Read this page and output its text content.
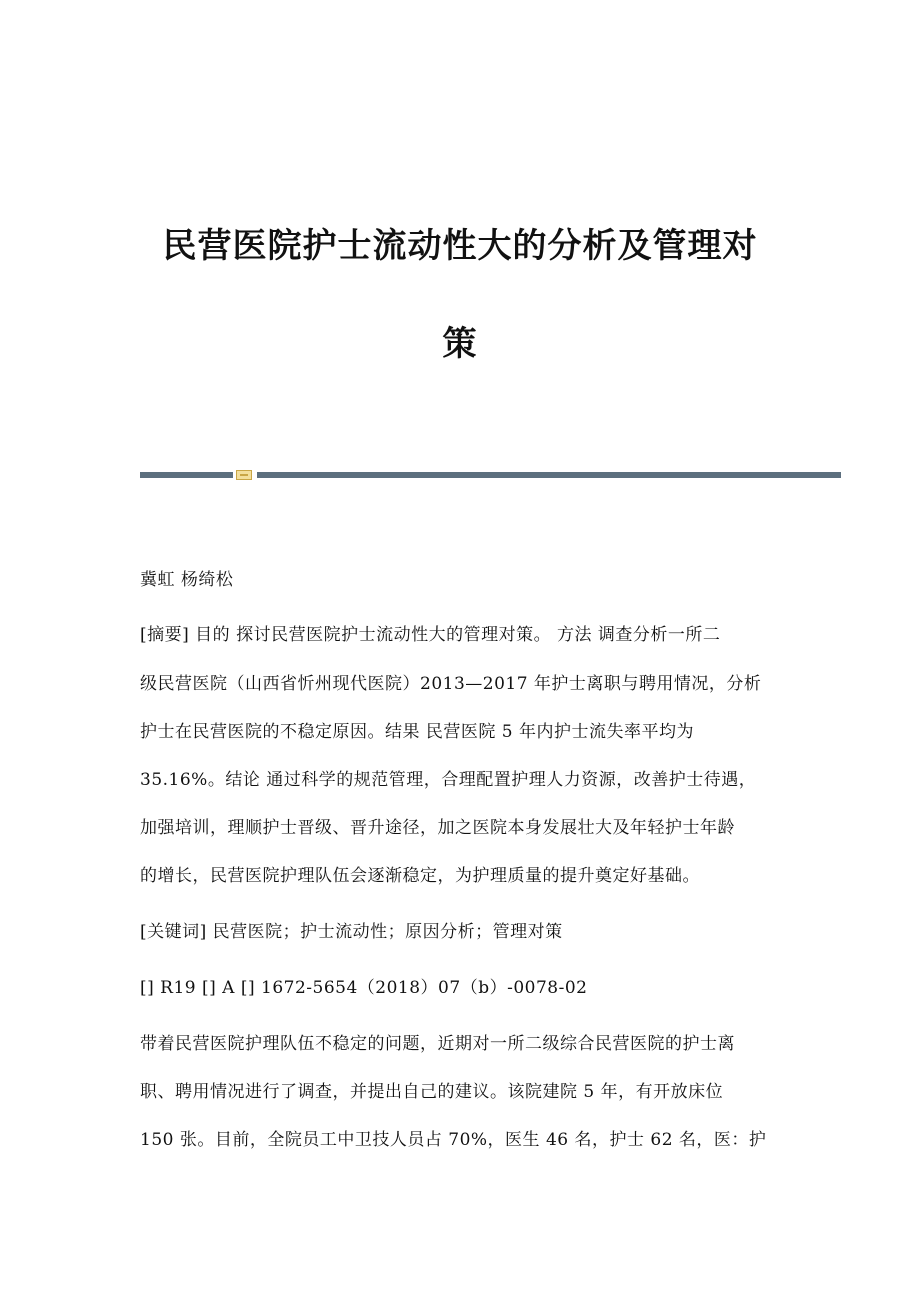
民营医院护士流动性大的分析及管理对
策
冀虹 杨绮松
[摘要] 目的 探讨民营医院护士流动性大的管理对策。 方法 调查分析一所二
级民营医院（山西省忻州现代医院）2013—2017 年护士离职与聘用情况，分析
护士在民营医院的不稳定原因。结果 民营医院 5 年内护士流失率平均为
35.16%。结论 通过科学的规范管理，合理配置护理人力资源，改善护士待遇，
加强培训，理顺护士晋级、晋升途径，加之医院本身发展壮大及年轻护士年龄
的增长，民营医院护理队伍会逐渐稳定，为护理质量的提升奠定好基础。
[关键词] 民营医院；护士流动性；原因分析；管理对策
[] R19 [] A [] 1672-5654（2018）07（b）-0078-02
带着民营医院护理队伍不稳定的问题，近期对一所二级综合民营医院的护士离
职、聘用情况进行了调查，并提出自己的建议。该院建院 5 年，有开放床位
150 张。目前，全院员工中卫技人员占 70%，医生 46 名，护士 62 名，医：护
